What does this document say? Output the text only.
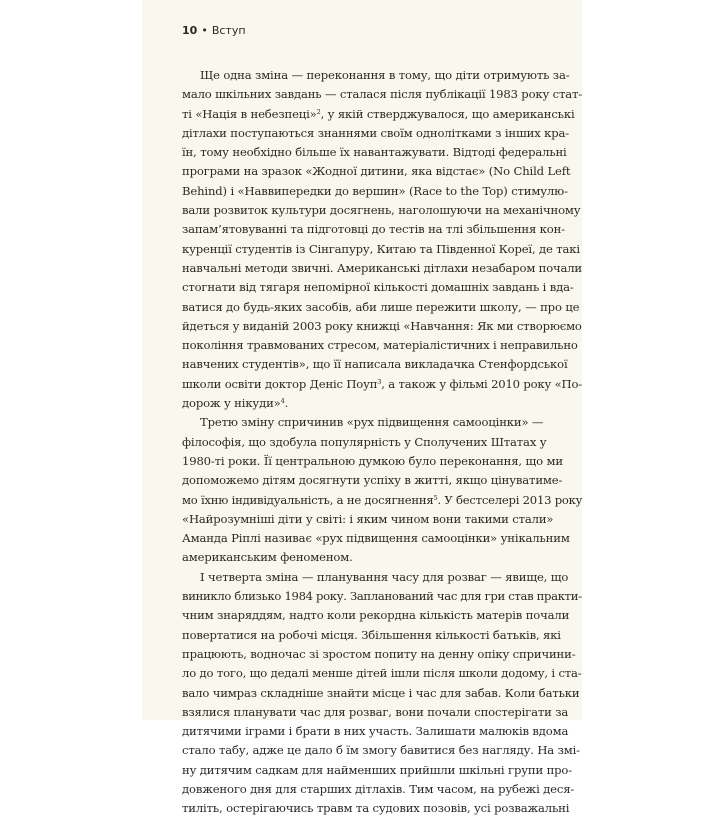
10 • Вступ
Ще одна зміна — переконання в тому, що діти отримують за-
мало шкільних завдань — сталася після публікації 1983 року стат-
ті «Нація в небезпеці»$^2$, у якій стверджувалося, що американські
дітлахи поступаються знаннями своїм однолітками з інших кра-
їн, тому необхідно більше їх навантажувати. Відтоді федеральні
програми на зразок «Жодної дитини, яка відстає» (No Child Left
Behind) і «Наввипередки до вершин» (Race to the Top) стимулю-
вали розвиток культури досягнень, наголошуючи на механічному
запам’ятовуванні та підготовці до тестів на тлі збільшення кон-
куренції студентів із Сінгапуру, Китаю та Південної Кореї, де такі
навчальні методи звичні. Американські дітлахи незабаром почали
стогнати від тягаря непомірної кількості домашніх завдань і вда-
ватися до будь-яких засобів, аби лише пережити школу, — про це
йдеться у виданій 2003 року книжці «Навчання: Як ми створюємо
покоління травмованих стресом, матеріалістичних і неправильно
навчених студентів», що її написала викладачка Стенфордської
школи освіти доктор Деніс Поуп$^3$, а також у фільмі 2010 року «По-
дорож у нікуди»$^4$.
Третю зміну спричинив «рух підвищення самооцінки» —
філософія, що здобула популярність у Сполучених Штатах у
1980-ті роки. Її центральною думкою було переконання, що ми
допоможемо дітям досягнути успіху в житті, якщо цінуватиме-
мо їхню індивідуальність, а не досягнення$^5$. У бестселері 2013 року
«Найрозумніші діти у світі: і яким чином вони такими стали»
Аманда Ріплі називає «рух підвищення самооцінки» унікальним
американським феноменом.
І четверта зміна — планування часу для розваг — явище, що
виникло близько 1984 року. Запланований час для гри став практи-
чним знаряддям, надто коли рекордна кількість матерів почали
повертатися на робочі місця. Збільшення кількості батьків, які
працюють, водночас зі зростом попиту на денну опіку спричини-
ло до того, що дедалі менше дітей ішли після школи додому, і ста-
вало чимраз складніше знайти місце і час для забав. Коли батьки
взялися планувати час для розваг, вони почали спостерігати за
дитячими іграми і брати в них участь. Залишати малюків вдома
стало табу, адже це дало б їм змогу бавитися без нагляду. На змі-
ну дитячим садкам для найменших прийшли шкільні групи про-
довженого дня для старших дітлахів. Тим часом, на рубежі деся-
тиліть, остерігаючись травм та судових позовів, усі розважальні
